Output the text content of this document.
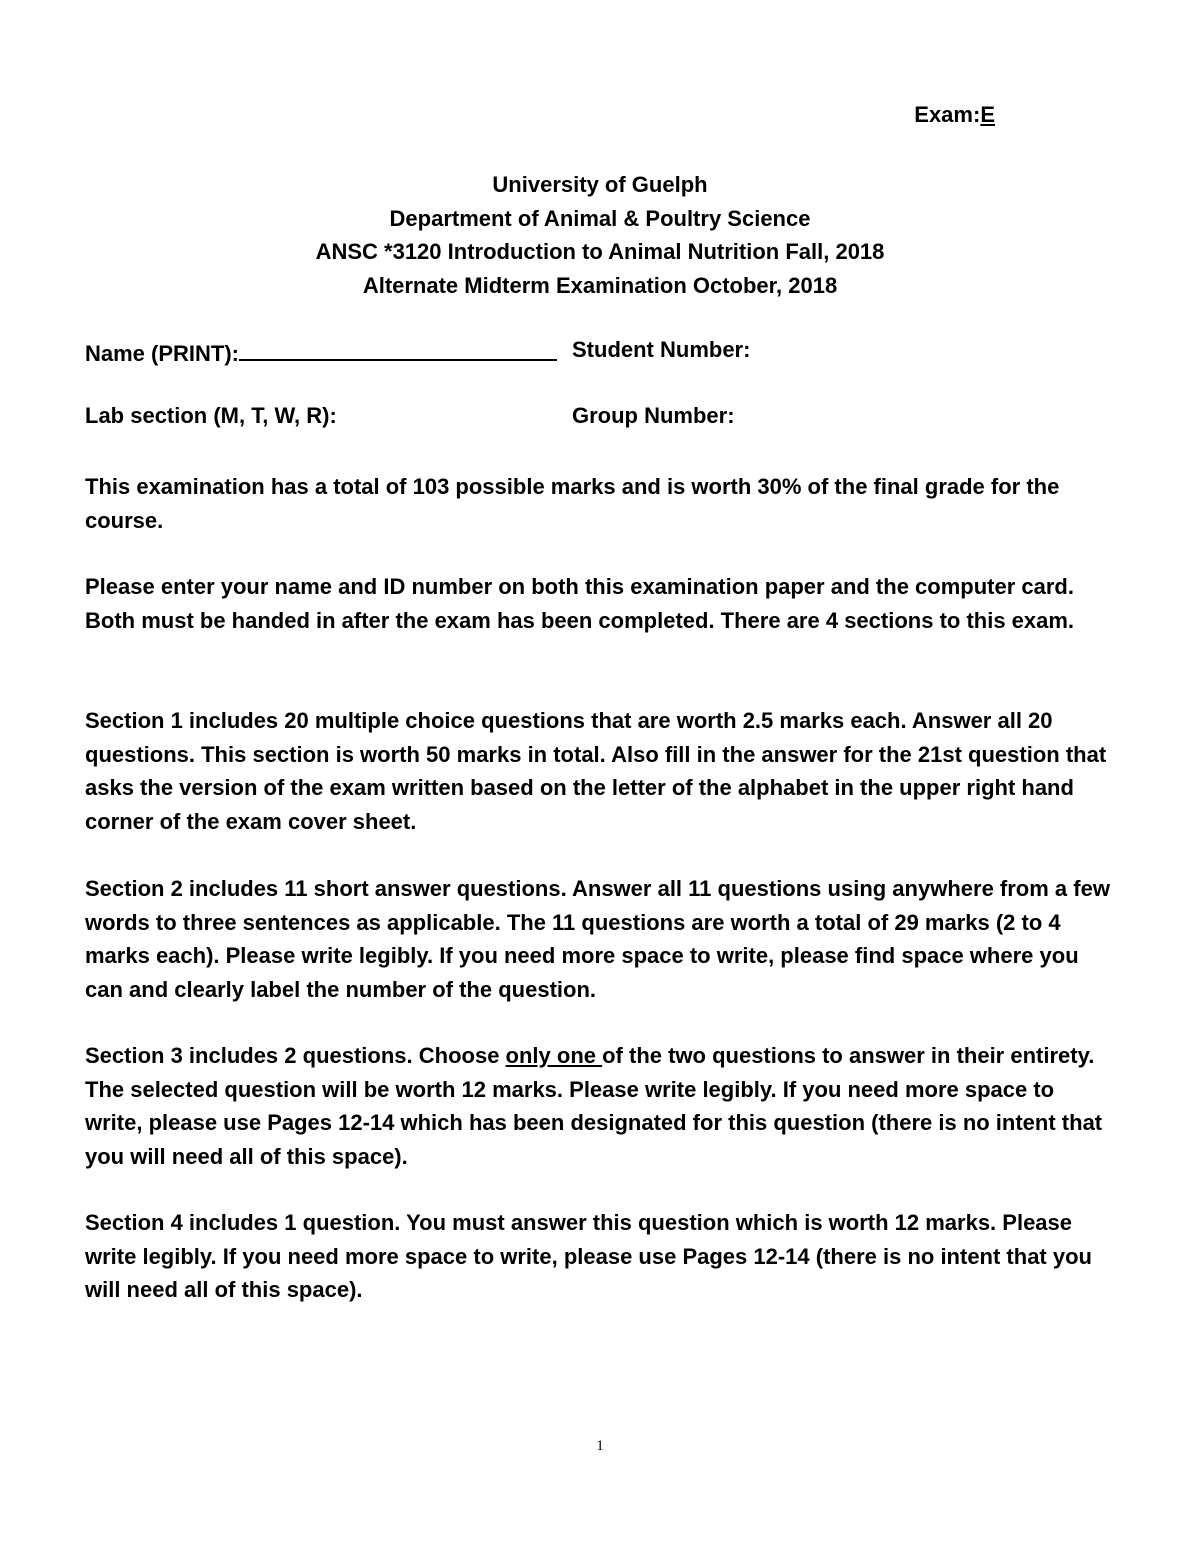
Exam:E
University of Guelph
Department of Animal & Poultry Science
ANSC *3120 Introduction to Animal Nutrition Fall, 2018
Alternate Midterm Examination October, 2018
Name (PRINT):	Student Number:
Lab section (M, T, W, R):	Group Number:
This examination has a total of 103 possible marks and is worth 30% of the final grade for the course.
Please enter your name and ID number on both this examination paper and the computer card. Both must be handed in after the exam has been completed. There are 4 sections to this exam.
Section 1 includes 20 multiple choice questions that are worth 2.5 marks each. Answer all 20 questions. This section is worth 50 marks in total. Also fill in the answer for the 21st question that asks the version of the exam written based on the letter of the alphabet in the upper right hand corner of the exam cover sheet.
Section 2 includes 11 short answer questions. Answer all 11 questions using anywhere from a few words to three sentences as applicable. The 11 questions are worth a total of 29 marks (2 to 4 marks each). Please write legibly. If you need more space to write, please find space where you can and clearly label the number of the question.
Section 3 includes 2 questions. Choose only one of the two questions to answer in their entirety. The selected question will be worth 12 marks. Please write legibly. If you need more space to write, please use Pages 12-14 which has been designated for this question (there is no intent that you will need all of this space).
Section 4 includes 1 question. You must answer this question which is worth 12 marks. Please write legibly. If you need more space to write, please use Pages 12-14 (there is no intent that you will need all of this space).
1
